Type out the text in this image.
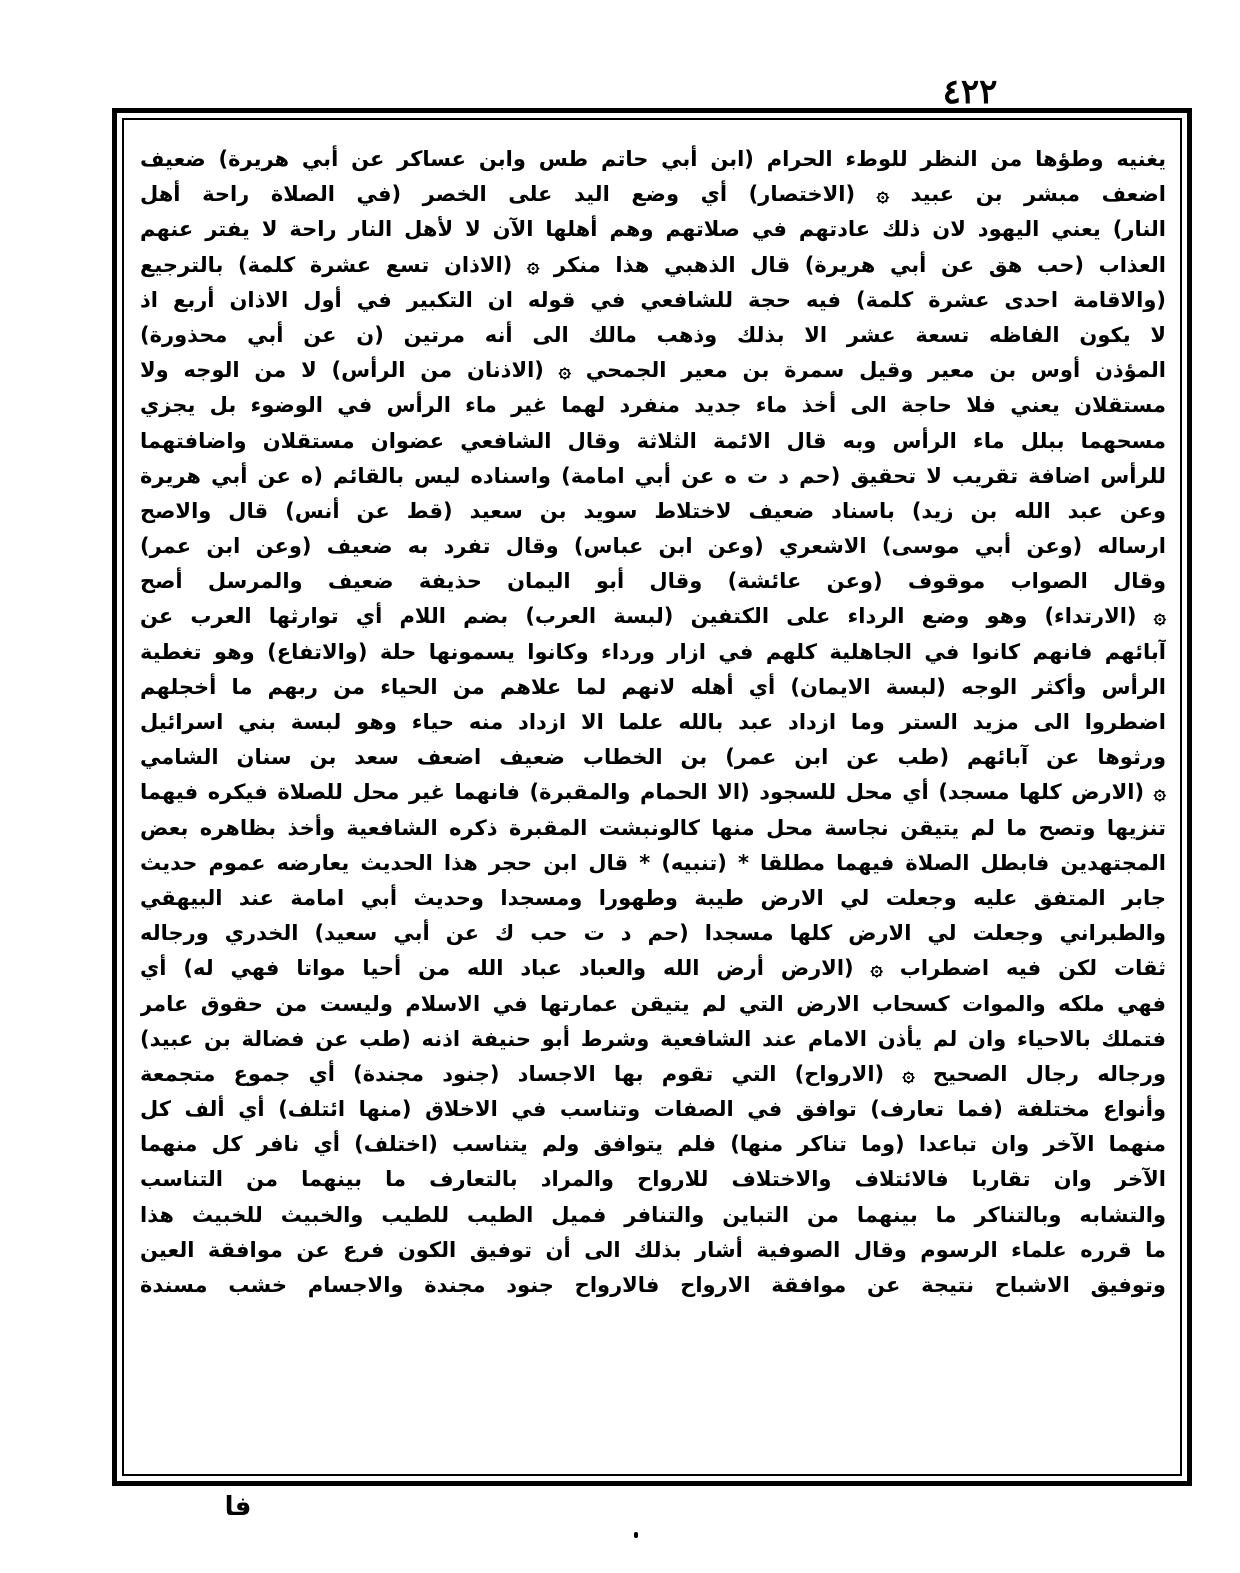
٤٢٢
يغنيه وطؤها من النظر للوطء الحرام (ابن أبي حاتم طس وابن عساكر عن أبي هريرة) ضعيف
اضعف مبشر بن عبيد ۞ (الاختصار) أي وضع اليد على الخصر (في الصلاة راحة أهل
النار) يعني اليهود لان ذلك عادتهم في صلاتهم وهم أهلها الآن لا لأهل النار راحة لا يفتر عنهم
العذاب (حب هق عن أبي هريرة) قال الذهبي هذا منكر ۞ (الاذان تسع عشرة كلمة) بالترجيع
(والاقامة احدى عشرة كلمة) فيه حجة للشافعي في قوله ان التكبير في أول الاذان أربع اذ
لا يكون الفاظه تسعة عشر الا بذلك وذهب مالك الى أنه مرتين (ن عن أبي محذورة)
المؤذن أوس بن معير وقيل سمرة بن معير الجمحي ۞ (الاذنان من الرأس) لا من الوجه ولا
مستقلان يعني فلا حاجة الى أخذ ماء جديد منفرد لهما غير ماء الرأس في الوضوء بل يجزي
مسحهما ببلل ماء الرأس وبه قال الائمة الثلاثة وقال الشافعي عضوان مستقلان واضافتهما
للرأس اضافة تقريب لا تحقيق (حم د ت ه عن أبي امامة) واسناده ليس بالقائم (ه عن أبي هريرة
وعن عبد الله بن زيد) باسناد ضعيف لاختلاط سويد بن سعيد (قط عن أنس) قال والاصح
ارساله (وعن أبي موسى) الاشعري (وعن ابن عباس) وقال تفرد به ضعيف (وعن ابن عمر)
وقال الصواب موقوف (وعن عائشة) وقال أبو اليمان حذيفة ضعيف والمرسل أصح
۞ (الارتداء) وهو وضع الرداء على الكتفين (لبسة العرب) بضم اللام أي توارثها العرب عن
آبائهم فانهم كانوا في الجاهلية كلهم في ازار ورداء وكانوا يسمونها حلة (والاتفاع) وهو تغطية
الرأس وأكثر الوجه (لبسة الايمان) أي أهله لانهم لما علاهم من الحياء من ربهم ما أخجلهم
اضطروا الى مزيد الستر وما ازداد عبد بالله علما الا ازداد منه حياء وهو لبسة بني اسرائيل
ورثوها عن آبائهم (طب عن ابن عمر) بن الخطاب ضعيف اضعف سعد بن سنان الشامي
۞ (الارض كلها مسجد) أي محل للسجود (الا الحمام والمقبرة) فانهما غير محل للصلاة فيكره فيهما
تنزيها وتصح ما لم يتيقن نجاسة محل منها كالونبشت المقبرة ذكره الشافعية وأخذ بظاهره بعض
المجتهدين فابطل الصلاة فيهما مطلقا * (تنبيه) * قال ابن حجر هذا الحديث يعارضه عموم حديث
جابر المتفق عليه وجعلت لي الارض طيبة وطهورا ومسجدا وحديث أبي امامة عند البيهقي
والطبراني وجعلت لي الارض كلها مسجدا (حم د ت حب ك عن أبي سعيد) الخدري ورجاله
ثقات لكن فيه اضطراب ۞ (الارض أرض الله والعباد عباد الله من أحيا مواتا فهي له) أي
فهي ملكه والموات كسحاب الارض التي لم يتيقن عمارتها في الاسلام وليست من حقوق عامر
فتملك بالاحياء وان لم يأذن الامام عند الشافعية وشرط أبو حنيفة اذنه (طب عن فضالة بن عبيد)
ورجاله رجال الصحيح ۞ (الارواح) التي تقوم بها الاجساد (جنود مجندة) أي جموع متجمعة
وأنواع مختلفة (فما تعارف) توافق في الصفات وتناسب في الاخلاق (منها ائتلف) أي ألف كل
منهما الآخر وان تباعدا (وما تناكر منها) فلم يتوافق ولم يتناسب (اختلف) أي نافر كل منهما
الآخر وان تقاربا فالائتلاف والاختلاف للارواح والمراد بالتعارف ما بينهما من التناسب
والتشابه وبالتناكر ما بينهما من التباين والتنافر فميل الطيب للطيب والخبيث للخبيث هذا
ما قرره علماء الرسوم وقال الصوفية أشار بذلك الى أن توفيق الكون فرع عن موافقة العين
وتوفيق الاشباح نتيجة عن موافقة الارواح فالارواح جنود مجندة والاجسام خشب مسندة
فا
